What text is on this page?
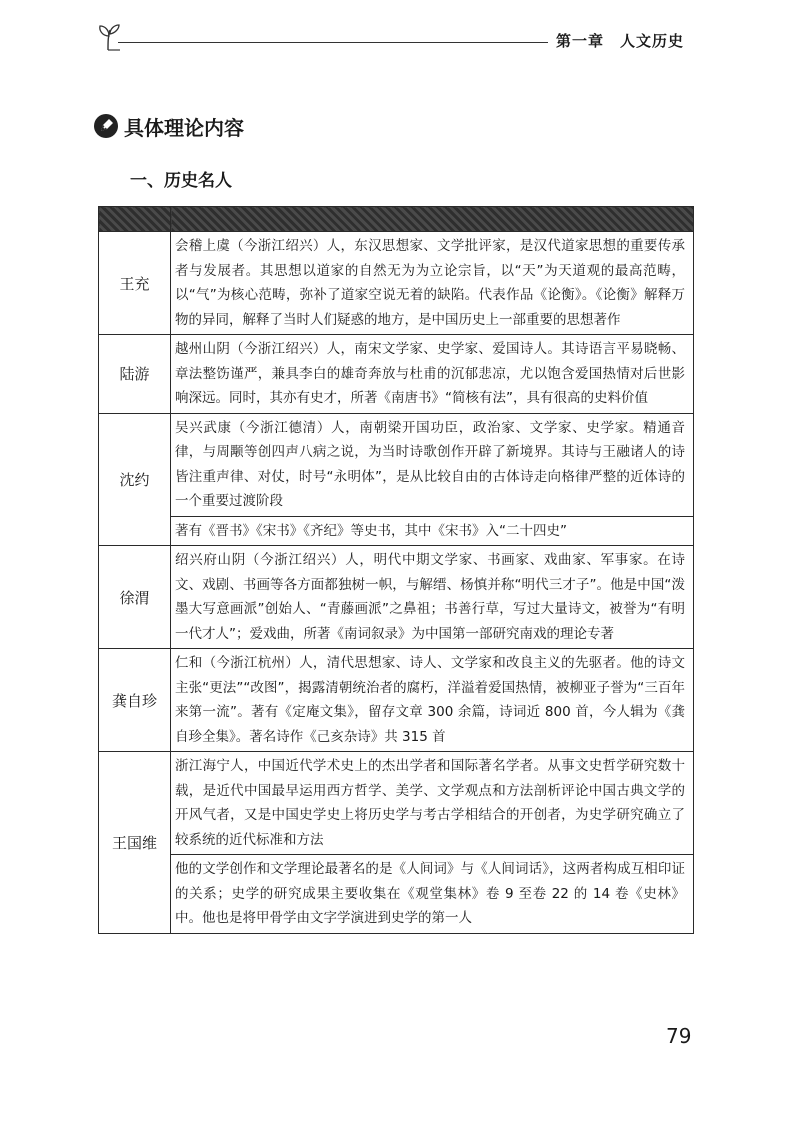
第一章　人文历史
具体理论内容
一、历史名人

王充	会稽上虞（今浙江绍兴）人，东汉思想家、文学批评家，是汉代道家思想的重要传承者与发展者。其思想以道家的自然无为为立论宗旨，以“天”为天道观的最高范畴，以“气”为核心范畴，弥补了道家空说无着的缺陷。代表作品《论衡》。《论衡》解释万物的异同，解释了当时人们疑惑的地方，是中国历史上一部重要的思想著作
陆游	越州山阴（今浙江绍兴）人，南宋文学家、史学家、爱国诗人。其诗语言平易晓畅、章法整饬谨严，兼具李白的雄奇奔放与杜甫的沉郁悲凉，尤以饱含爱国热情对后世影响深远。同时，其亦有史才，所著《南唐书》“简核有法”，具有很高的史料价值
沈约	吴兴武康（今浙江德清）人，南朝梁开国功臣，政治家、文学家、史学家。精通音律，与周颙等创四声八病之说，为当时诗歌创作开辟了新境界。其诗与王融诸人的诗皆注重声律、对仗，时号“永明体”，是从比较自由的古体诗走向格律严整的近体诗的一个重要过渡阶段
	著有《晋书》《宋书》《齐纪》等史书，其中《宋书》入“二十四史”
徐渭	绍兴府山阴（今浙江绍兴）人，明代中期文学家、书画家、戏曲家、军事家。在诗文、戏剧、书画等各方面都独树一帜，与解缙、杨慎并称“明代三才子”。他是中国“泼墨大写意画派”创始人、“青藤画派”之鼻祖；书善行草，写过大量诗文，被誉为“有明一代才人”；爱戏曲，所著《南词叙录》为中国第一部研究南戏的理论专著
龚自珍	仁和（今浙江杭州）人，清代思想家、诗人、文学家和改良主义的先驱者。他的诗文主张“更法”“改图”，揭露清朝统治者的腐朽，洋溢着爱国热情，被柳亚子誉为“三百年来第一流”。著有《定庵文集》，留存文章 300 余篇，诗词近 800 首，今人辑为《龚自珍全集》。著名诗作《己亥杂诗》共 315 首
王国维	浙江海宁人，中国近代学术史上的杰出学者和国际著名学者。从事文史哲学研究数十载，是近代中国最早运用西方哲学、美学、文学观点和方法剖析评论中国古典文学的开风气者，又是中国史学史上将历史学与考古学相结合的开创者，为史学研究确立了较系统的近代标准和方法
	他的文学创作和文学理论最著名的是《人间词》与《人间词话》，这两者构成互相印证的关系；史学的研究成果主要收集在《观堂集林》卷 9 至卷 22 的 14 卷《史林》中。他也是将甲骨学由文字学演进到史学的第一人
79
